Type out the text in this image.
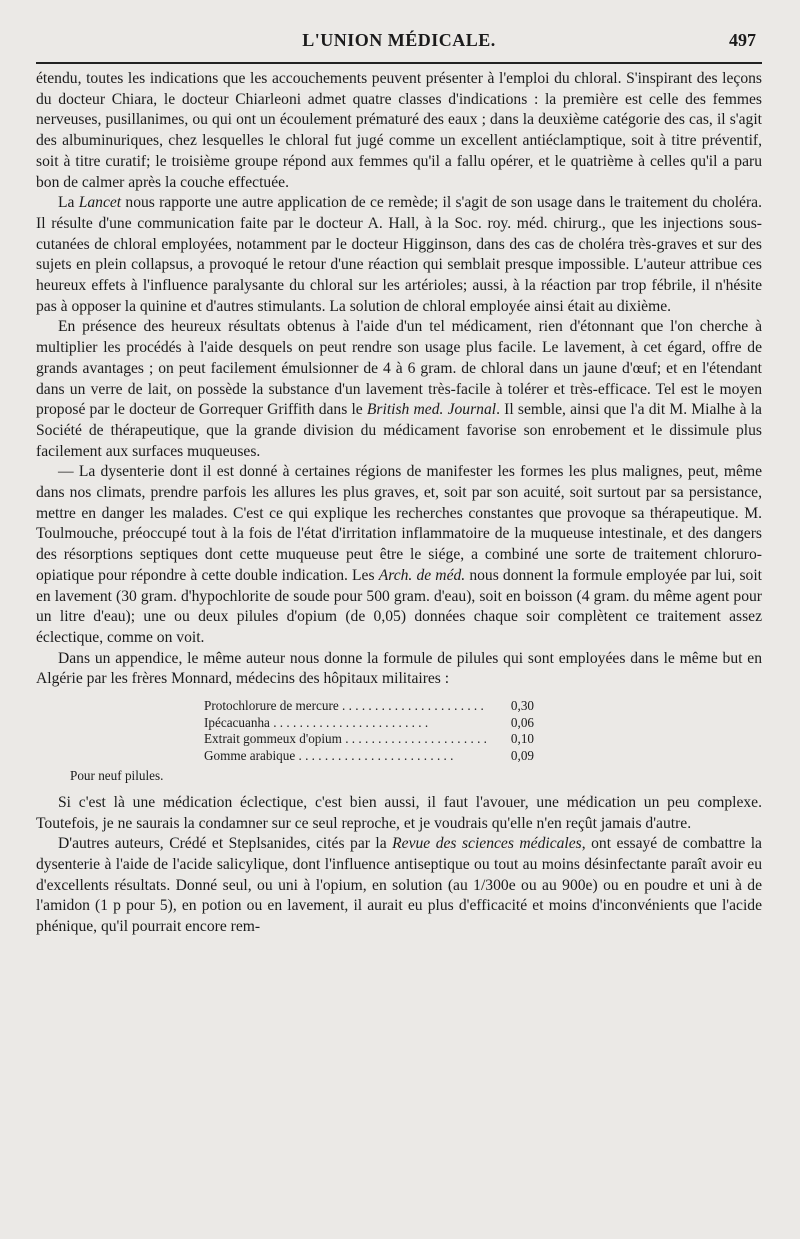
L'UNION MÉDICALE.	497

étendu, toutes les indications que les accouchements peuvent présenter à l'emploi du chloral. S'inspirant des leçons du docteur Chiara, le docteur Chiarleoni admet quatre classes d'indications : la première est celle des femmes nerveuses, pusillanimes, ou qui ont un écoulement prématuré des eaux ; dans la deuxième catégorie des cas, il s'agit des albuminuriques, chez lesquelles le chloral fut jugé comme un excellent antiéclamptique, soit à titre préventif, soit à titre curatif; le troisième groupe répond aux femmes qu'il a fallu opérer, et le quatrième à celles qu'il a paru bon de calmer après la couche effectuée.

La Lancet nous rapporte une autre application de ce remède; il s'agit de son usage dans le traitement du choléra. Il résulte d'une communication faite par le docteur A. Hall, à la Soc. roy. méd. chirurg., que les injections sous-cutanées de chloral employées, notamment par le docteur Higginson, dans des cas de choléra très-graves et sur des sujets en plein collapsus, a provoqué le retour d'une réaction qui semblait presque impossible. L'auteur attribue ces heureux effets à l'influence paralysante du chloral sur les artérioles; aussi, à la réaction par trop fébrile, il n'hésite pas à opposer la quinine et d'autres stimulants. La solution de chloral employée ainsi était au dixième.

En présence des heureux résultats obtenus à l'aide d'un tel médicament, rien d'étonnant que l'on cherche à multiplier les procédés à l'aide desquels on peut rendre son usage plus facile. Le lavement, à cet égard, offre de grands avantages ; on peut facilement émulsionner de 4 à 6 gram. de chloral dans un jaune d'œuf; et en l'étendant dans un verre de lait, on possède la substance d'un lavement très-facile à tolérer et très-efficace. Tel est le moyen proposé par le docteur de Gorrequer Griffith dans le British med. Journal. Il semble, ainsi que l'a dit M. Mialhe à la Société de thérapeutique, que la grande division du médicament favorise son enrobement et le dissimule plus facilement aux surfaces muqueuses.

— La dysenterie dont il est donné à certaines régions de manifester les formes les plus malignes, peut, même dans nos climats, prendre parfois les allures les plus graves, et, soit par son acuité, soit surtout par sa persistance, mettre en danger les malades. C'est ce qui explique les recherches constantes que provoque sa thérapeutique. M. Toulmouche, préoccupé tout à la fois de l'état d'irritation inflammatoire de la muqueuse intestinale, et des dangers des résorptions septiques dont cette muqueuse peut être le siége, a combiné une sorte de traitement chloruro-opiatique pour répondre à cette double indication. Les Arch. de méd. nous donnent la formule employée par lui, soit en lavement (30 gram. d'hypochlorite de soude pour 500 gram. d'eau), soit en boisson (4 gram. du même agent pour un litre d'eau); une ou deux pilules d'opium (de 0,05) données chaque soir complètent ce traitement assez éclectique, comme on voit.

Dans un appendice, le même auteur nous donne la formule de pilules qui sont employées dans le même but en Algérie par les frères Monnard, médecins des hôpitaux militaires :

Protochlorure de mercure . . .	0,30
Ipécacuanha . . .	0,06
Extrait gommeux d'opium . . .	0,10
Gomme arabique . . .	0,09
Pour neuf pilules.

Si c'est là une médication éclectique, c'est bien aussi, il faut l'avouer, une médication un peu complexe. Toutefois, je ne saurais la condamner sur ce seul reproche, et je voudrais qu'elle n'en reçût jamais d'autre.

D'autres auteurs, Crédé et Steplsanides, cités par la Revue des sciences médicales, ont essayé de combattre la dysenterie à l'aide de l'acide salicylique, dont l'influence antiseptique ou tout au moins désinfectante paraît avoir eu d'excellents résultats. Donné seul, ou uni à l'opium, en solution (au 1/300e ou au 900e) ou en poudre et uni à de l'amidon (1 p pour 5), en potion ou en lavement, il aurait eu plus d'efficacité et moins d'inconvénients que l'acide phénique, qu'il pourrait encore rem-
